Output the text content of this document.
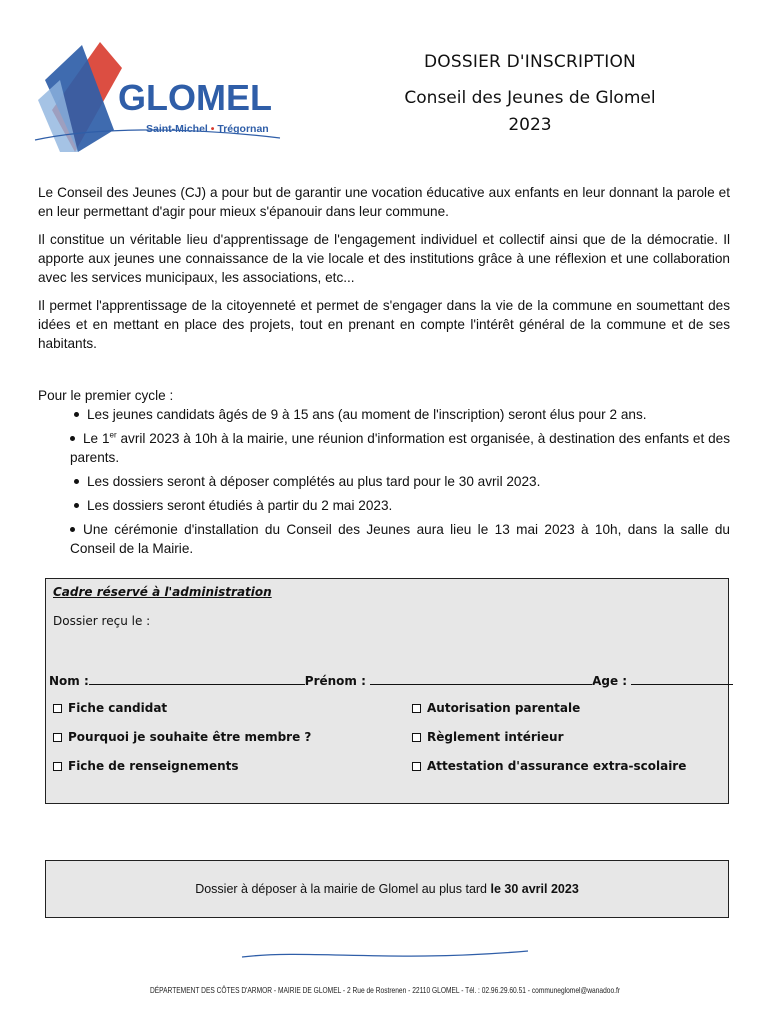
GLOMEL
Saint-Michel • Trégornan
DOSSIER D'INSCRIPTION
Conseil des Jeunes de Glomel
2023

Le Conseil des Jeunes (CJ) a pour but de garantir une vocation éducative aux enfants en leur donnant la parole et en leur permettant d'agir pour mieux s'épanouir dans leur commune.

Il constitue un véritable lieu d'apprentissage de l'engagement individuel et collectif ainsi que de la démocratie. Il apporte aux jeunes une connaissance de la vie locale et des institutions grâce à une réflexion et une collaboration avec les services municipaux, les associations, etc...

Il permet l'apprentissage de la citoyenneté et permet de s'engager dans la vie de la commune en soumettant des idées et en mettant en place des projets, tout en prenant en compte l'intérêt général de la commune et de ses habitants.

Pour le premier cycle :

Les jeunes candidats âgés de 9 à 15 ans (au moment de l'inscription) seront élus pour 2 ans.
Le 1er avril 2023 à 10h à la mairie, une réunion d'information est organisée, à destination des enfants et des parents.
Les dossiers seront à déposer complétés au plus tard pour le 30 avril 2023.
Les dossiers seront étudiés à partir du 2 mai 2023.
Une cérémonie d'installation du Conseil des Jeunes aura lieu le 13 mai 2023 à 10h, dans la salle du Conseil de la Mairie.
Cadre réservé à l'administration
Dossier reçu le :
Nom :	Prénom :	Age :
Fiche candidat	Autorisation parentale
Pourquoi je souhaite être membre ?	Règlement intérieur
Fiche de renseignements	Attestation d'assurance extra-scolaire
Dossier à déposer à la mairie de Glomel au plus tard le 30 avril 2023
DÉPARTEMENT DES CÔTES D'ARMOR - MAIRIE DE GLOMEL - 2 Rue de Rostrenen - 22110 GLOMEL - Tél. : 02.96.29.60.51 - communeglomel@wanadoo.fr
